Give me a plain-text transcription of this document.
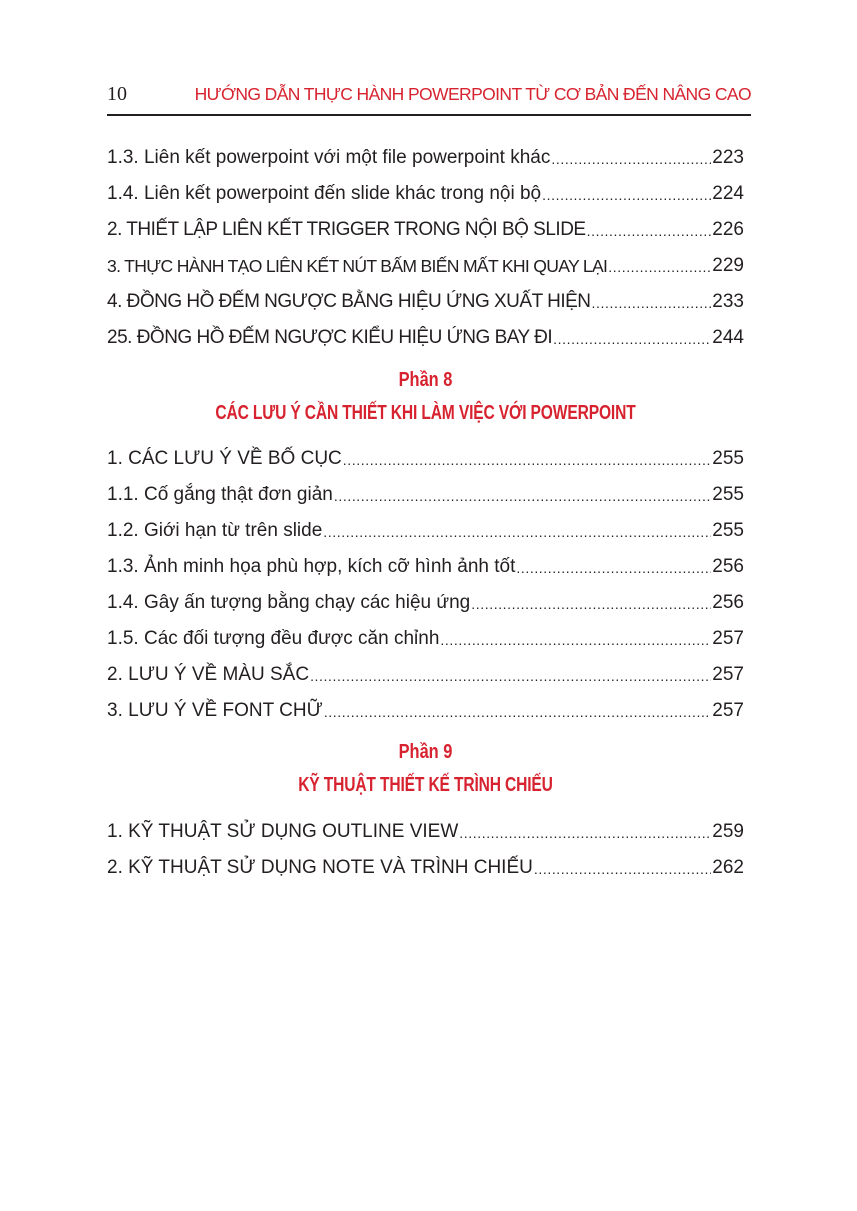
10	HƯỚNG DẪN THỰC HÀNH POWERPOINT TỪ CƠ BẢN ĐẾN NÂNG CAO
1.3. Liên kết powerpoint với một file powerpoint khác .....	223
1.4. Liên kết powerpoint đến slide khác trong nội bộ .....	224
2. THIẾT LẬP LIÊN KẾT TRIGGER TRONG NỘI BỘ SLIDE .....	226
3. THỰC HÀNH TẠO LIÊN KẾT NÚT BẤM BIẾN MẤT KHI QUAY LẠI .....	229
4. ĐỒNG HỒ ĐẾM NGƯỢC BẰNG HIỆU ỨNG XUẤT HIỆN .....	233
25. ĐỒNG HỒ ĐẾM NGƯỢC KIỂU HIỆU ỨNG BAY ĐI .....	244
Phần 8
CÁC LƯU Ý CẦN THIẾT KHI LÀM VIỆC VỚI POWERPOINT
1. CÁC LƯU Ý VỀ BỐ CỤC .....	255
1.1. Cố gắng thật đơn giản .....	255
1.2. Giới hạn từ trên slide .....	255
1.3. Ảnh minh họa phù hợp, kích cỡ hình ảnh tốt .....	256
1.4. Gây ấn tượng bằng chạy các hiệu ứng .....	256
1.5. Các đối tượng đều được căn chỉnh .....	257
2. LƯU Ý VỀ MÀU SẮC .....	257
3. LƯU Ý VỀ FONT CHỮ .....	257
Phần 9
KỸ THUẬT THIẾT KẾ TRÌNH CHIẾU
1. KỸ THUẬT SỬ DỤNG OUTLINE VIEW .....	259
2. KỸ THUẬT SỬ DỤNG NOTE VÀ TRÌNH CHIẾU .....	262
